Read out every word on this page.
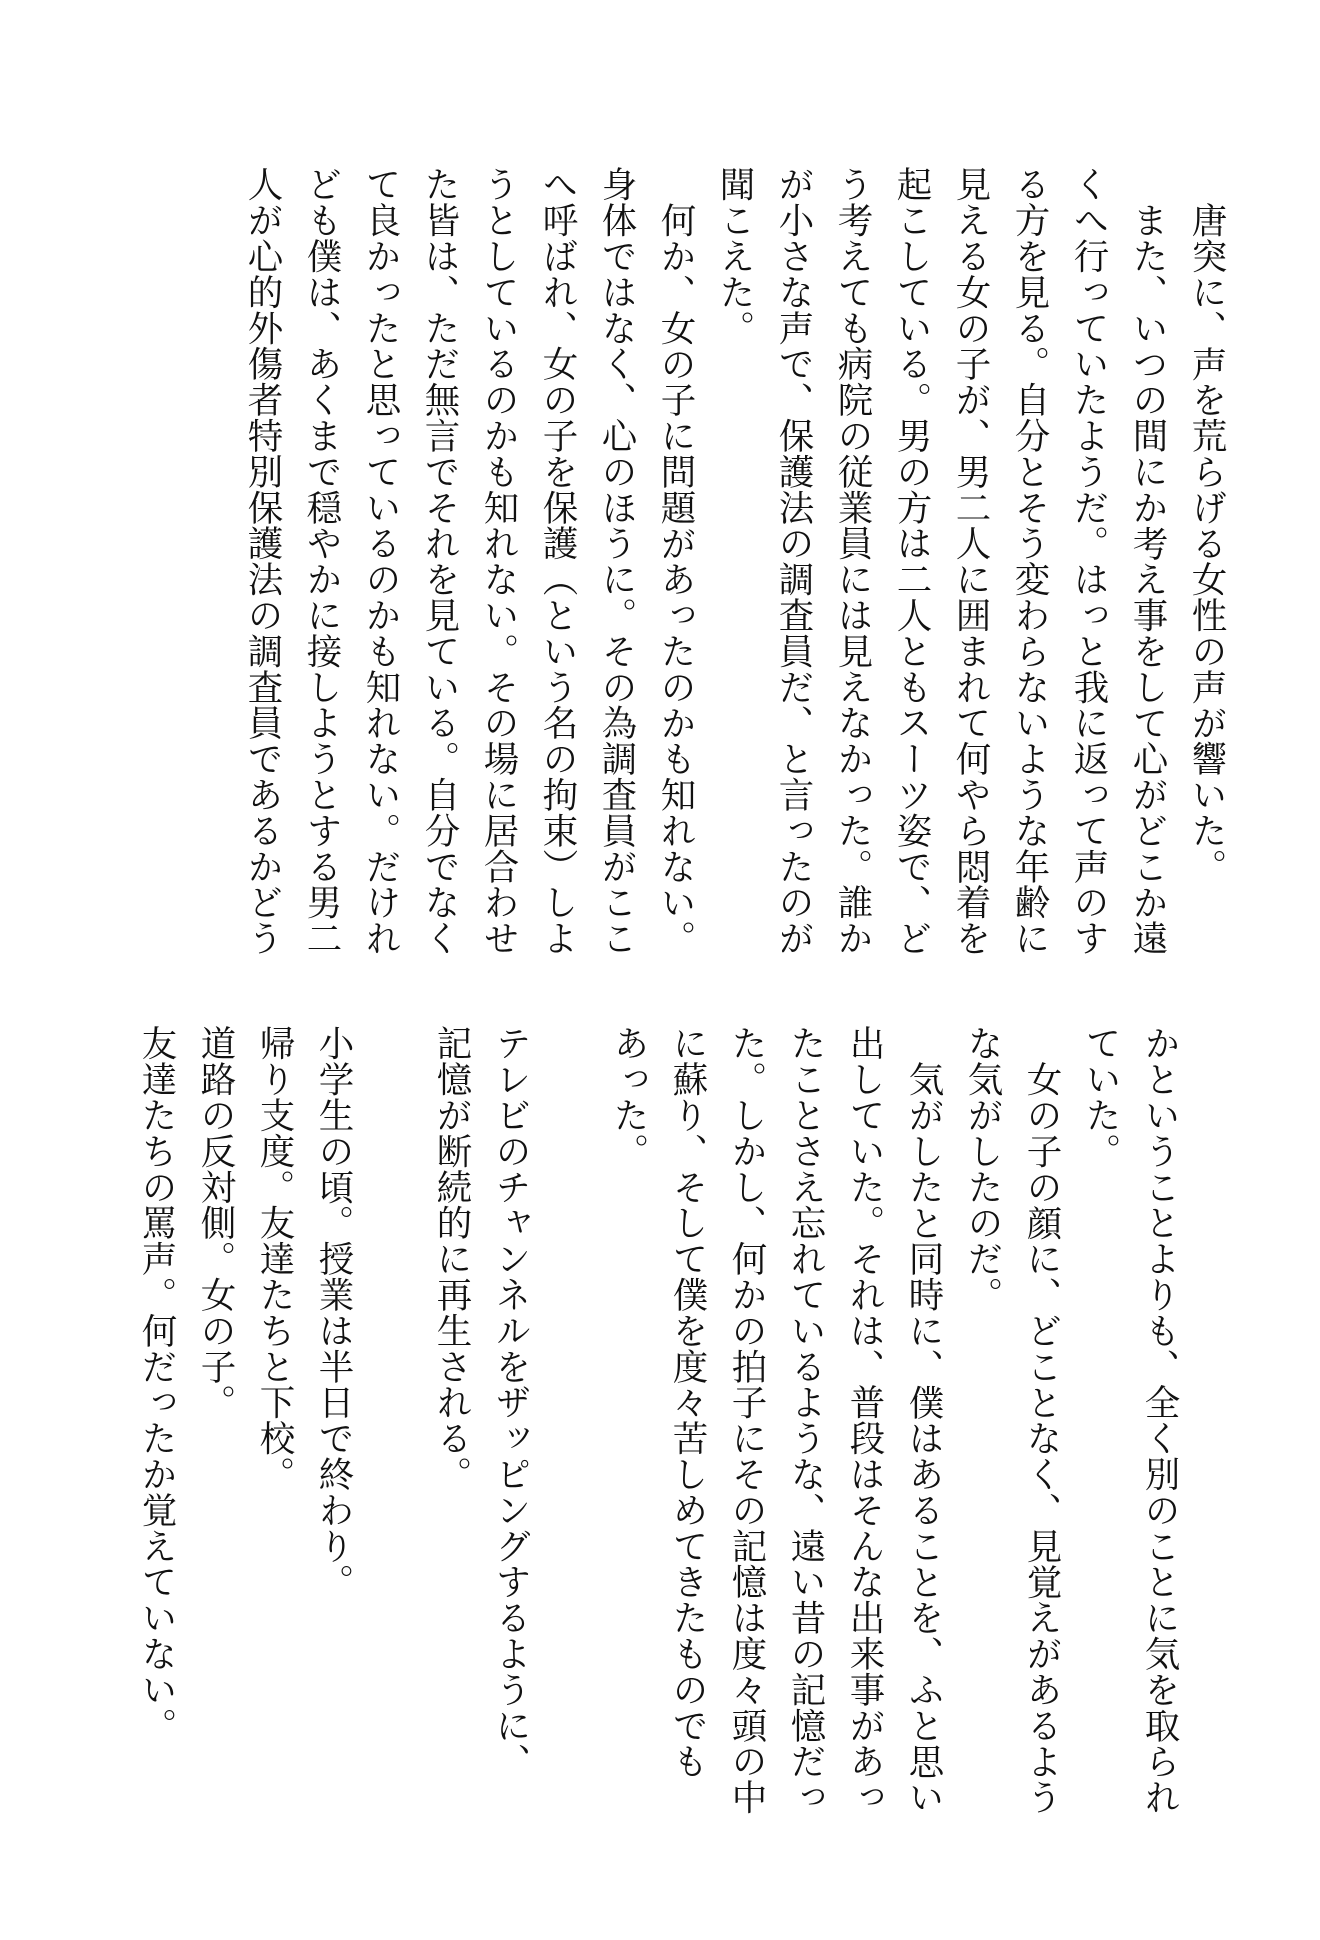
唐突に、声を荒らげる女性の声が響いた。
また、いつの間にか考え事をして心がどこか遠
くへ行っていたようだ。はっと我に返って声のす
る方を見る。自分とそう変わらないような年齢に
見える女の子が、男二人に囲まれて何やら悶着を
起こしている。男の方は二人ともスーツ姿で、ど
う考えても病院の従業員には見えなかった。誰か
が小さな声で、保護法の調査員だ、と言ったのが
聞こえた。
何か、女の子に問題があったのかも知れない。
身体ではなく、心のほうに。その為調査員がここ
へ呼ばれ、女の子を保護（という名の拘束）しよ
うとしているのかも知れない。その場に居合わせ
た皆は、ただ無言でそれを見ている。自分でなく
て良かったと思っているのかも知れない。だけれ
ども僕は、あくまで穏やかに接しようとする男二
人が心的外傷者特別保護法の調査員であるかどう
かということよりも、全く別のことに気を取られ
ていた。
女の子の顔に、どことなく、見覚えがあるよう
な気がしたのだ。
気がしたと同時に、僕はあることを、ふと思い
出していた。それは、普段はそんな出来事があっ
たことさえ忘れているような、遠い昔の記憶だっ
た。しかし、何かの拍子にその記憶は度々頭の中
に蘇り、そして僕を度々苦しめてきたものでも
あった。
テレビのチャンネルをザッピングするように、
記憶が断続的に再生される。
小学生の頃。授業は半日で終わり。
帰り支度。友達たちと下校。
道路の反対側。女の子。
友達たちの罵声。何だったか覚えていない。
